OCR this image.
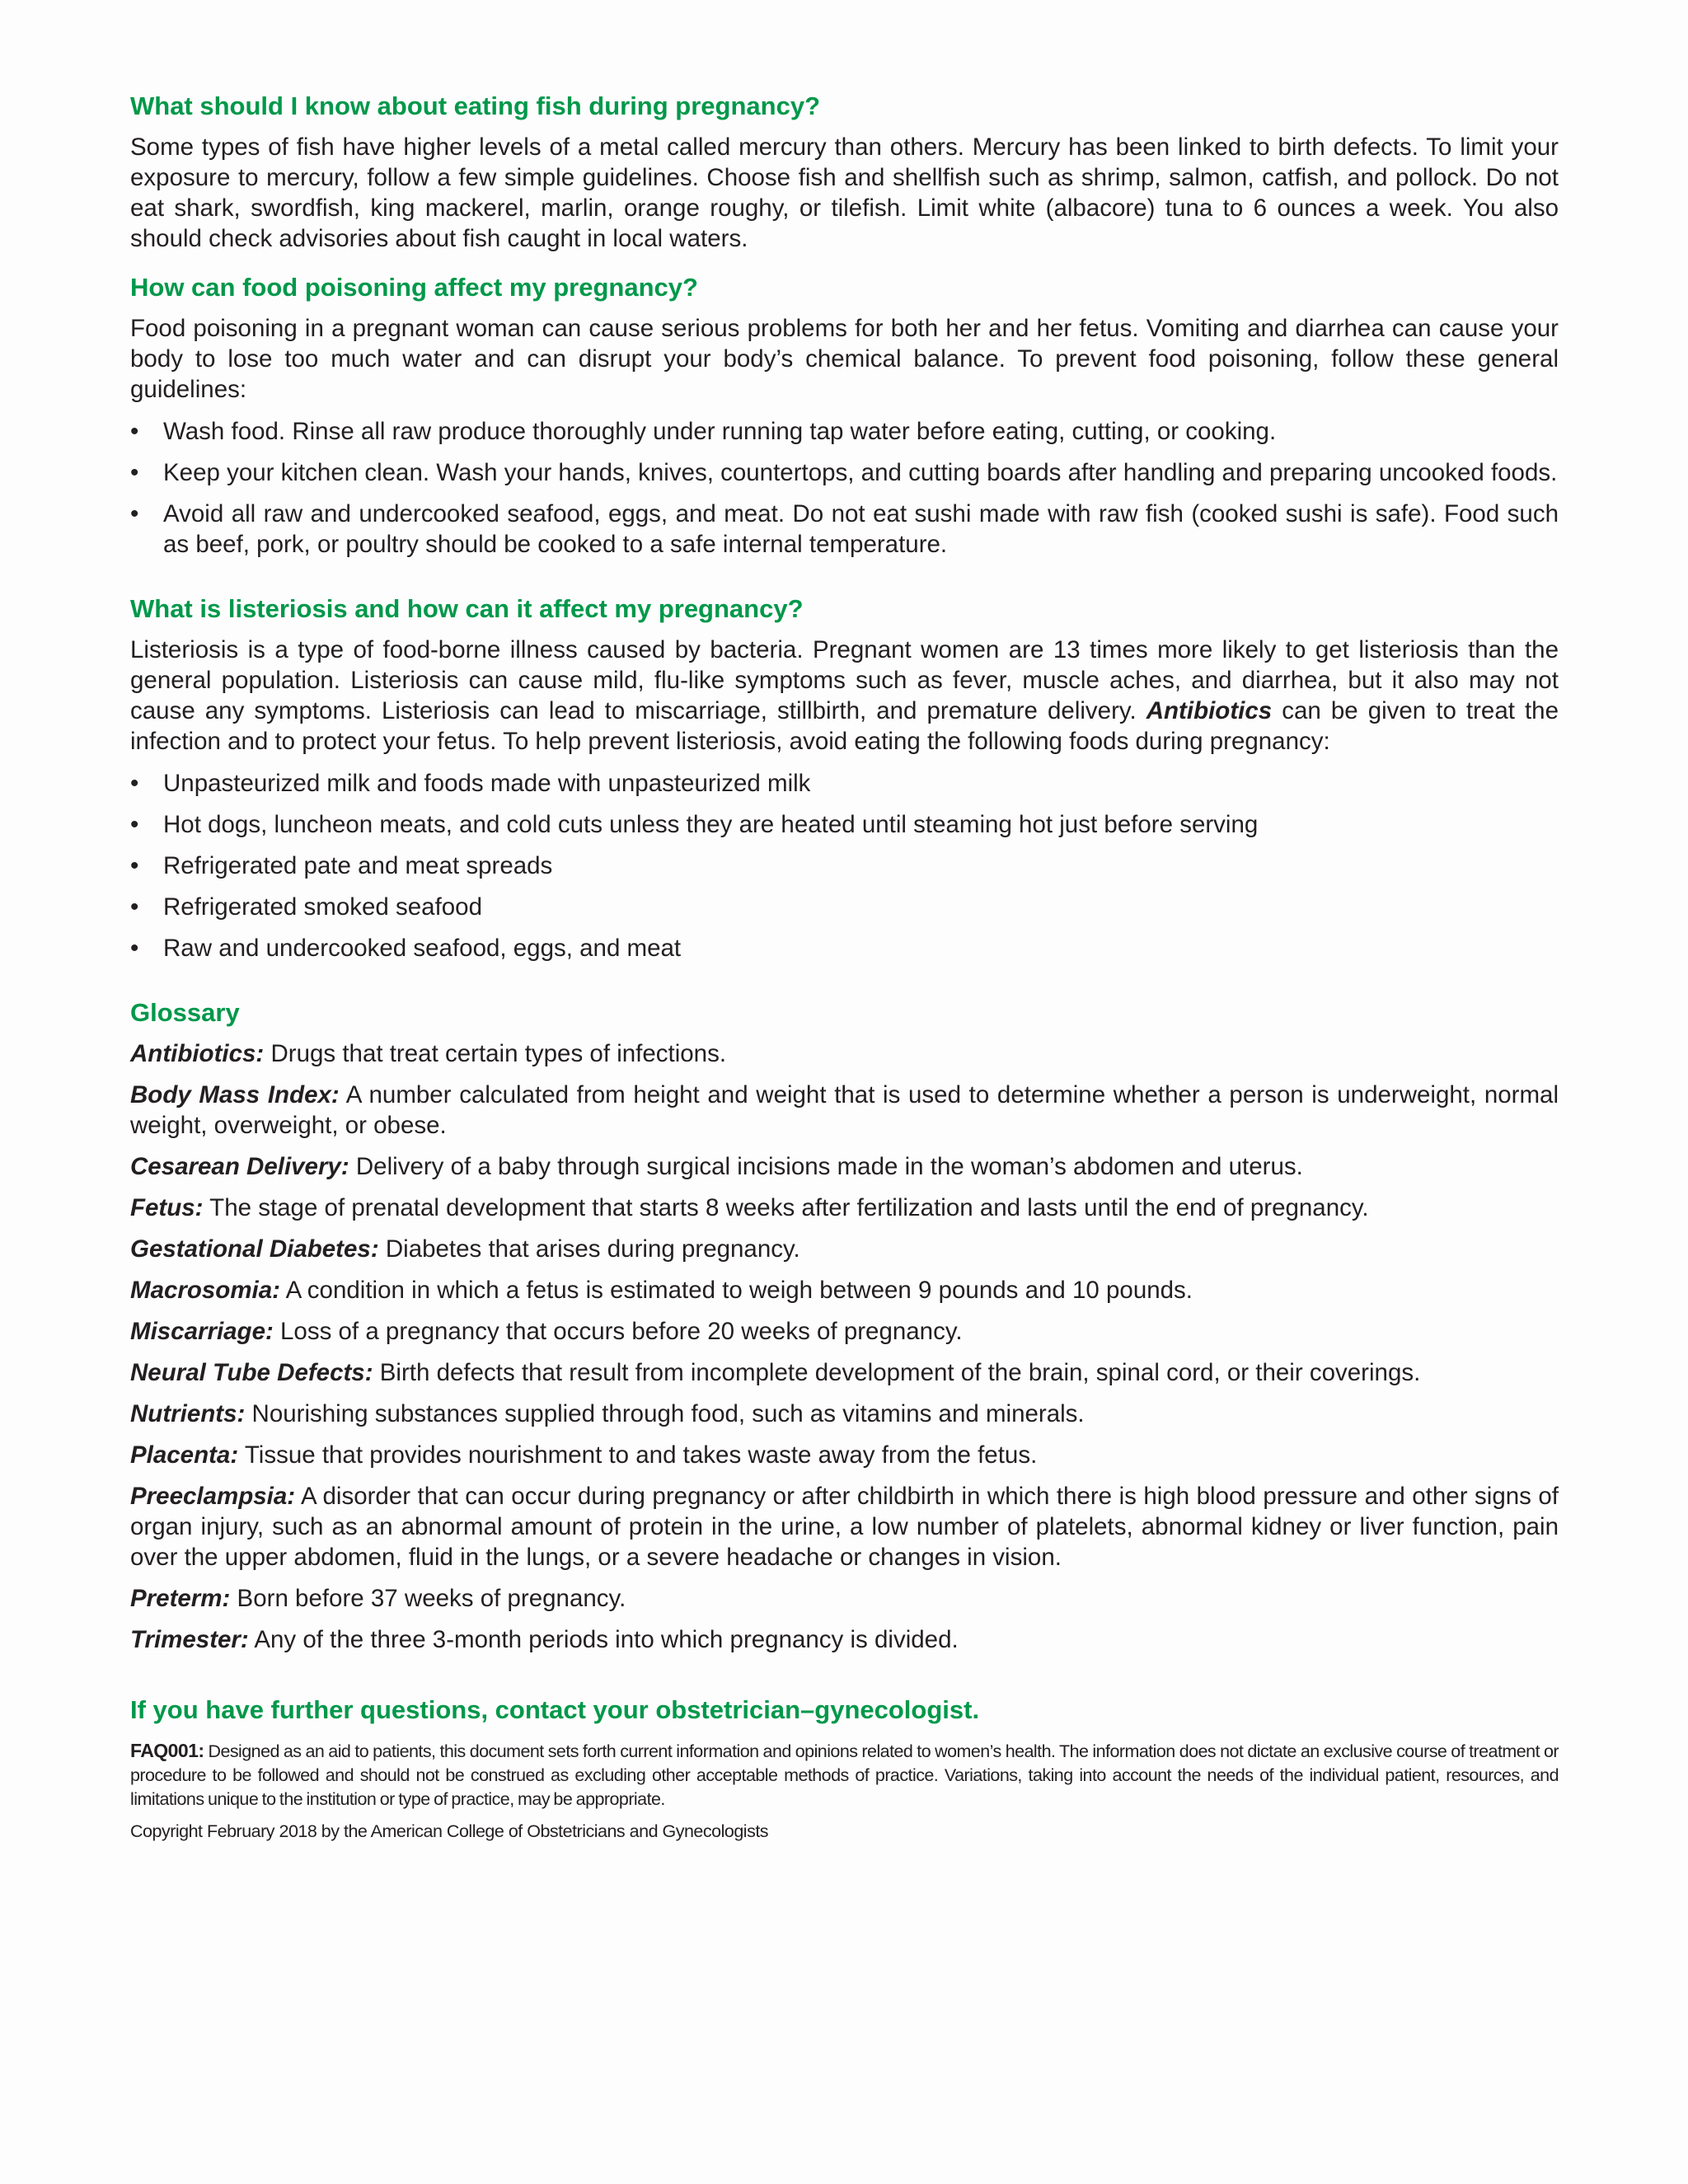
What should I know about eating fish during pregnancy?

Some types of fish have higher levels of a metal called mercury than others. Mercury has been linked to birth defects. To limit your exposure to mercury, follow a few simple guidelines. Choose fish and shellfish such as shrimp, salmon, catfish, and pollock. Do not eat shark, swordfish, king mackerel, marlin, orange roughy, or tilefish. Limit white (albacore) tuna to 6 ounces a week. You also should check advisories about fish caught in local waters.

How can food poisoning affect my pregnancy?

Food poisoning in a pregnant woman can cause serious problems for both her and her fetus. Vomiting and diarrhea can cause your body to lose too much water and can disrupt your body’s chemical balance. To prevent food poisoning, follow these general guidelines:

• Wash food. Rinse all raw produce thoroughly under running tap water before eating, cutting, or cooking.
• Keep your kitchen clean. Wash your hands, knives, countertops, and cutting boards after handling and preparing uncooked foods.
• Avoid all raw and undercooked seafood, eggs, and meat. Do not eat sushi made with raw fish (cooked sushi is safe). Food such as beef, pork, or poultry should be cooked to a safe internal temperature.
What is listeriosis and how can it affect my pregnancy?

Listeriosis is a type of food-borne illness caused by bacteria. Pregnant women are 13 times more likely to get listeriosis than the general population. Listeriosis can cause mild, flu-like symptoms such as fever, muscle aches, and diarrhea, but it also may not cause any symptoms. Listeriosis can lead to miscarriage, stillbirth, and premature delivery. Antibiotics can be given to treat the infection and to protect your fetus. To help prevent listeriosis, avoid eating the following foods during pregnancy:

• Unpasteurized milk and foods made with unpasteurized milk
• Hot dogs, luncheon meats, and cold cuts unless they are heated until steaming hot just before serving
• Refrigerated pate and meat spreads
• Refrigerated smoked seafood
• Raw and undercooked seafood, eggs, and meat
Glossary

Antibiotics: Drugs that treat certain types of infections.

Body Mass Index: A number calculated from height and weight that is used to determine whether a person is underweight, normal weight, overweight, or obese.

Cesarean Delivery: Delivery of a baby through surgical incisions made in the woman’s abdomen and uterus.

Fetus: The stage of prenatal development that starts 8 weeks after fertilization and lasts until the end of pregnancy.

Gestational Diabetes: Diabetes that arises during pregnancy.

Macrosomia: A condition in which a fetus is estimated to weigh between 9 pounds and 10 pounds.

Miscarriage: Loss of a pregnancy that occurs before 20 weeks of pregnancy.

Neural Tube Defects: Birth defects that result from incomplete development of the brain, spinal cord, or their coverings.

Nutrients: Nourishing substances supplied through food, such as vitamins and minerals.

Placenta: Tissue that provides nourishment to and takes waste away from the fetus.

Preeclampsia: A disorder that can occur during pregnancy or after childbirth in which there is high blood pressure and other signs of organ injury, such as an abnormal amount of protein in the urine, a low number of platelets, abnormal kidney or liver function, pain over the upper abdomen, fluid in the lungs, or a severe headache or changes in vision.

Preterm: Born before 37 weeks of pregnancy.

Trimester: Any of the three 3-month periods into which pregnancy is divided.

If you have further questions, contact your obstetrician–gynecologist.

FAQ001: Designed as an aid to patients, this document sets forth current information and opinions related to women’s health. The information does not dictate an exclusive course of treatment or procedure to be followed and should not be construed as excluding other acceptable methods of practice. Variations, taking into account the needs of the individual patient, resources, and limitations unique to the institution or type of practice, may be appropriate.

Copyright February 2018 by the American College of Obstetricians and Gynecologists
